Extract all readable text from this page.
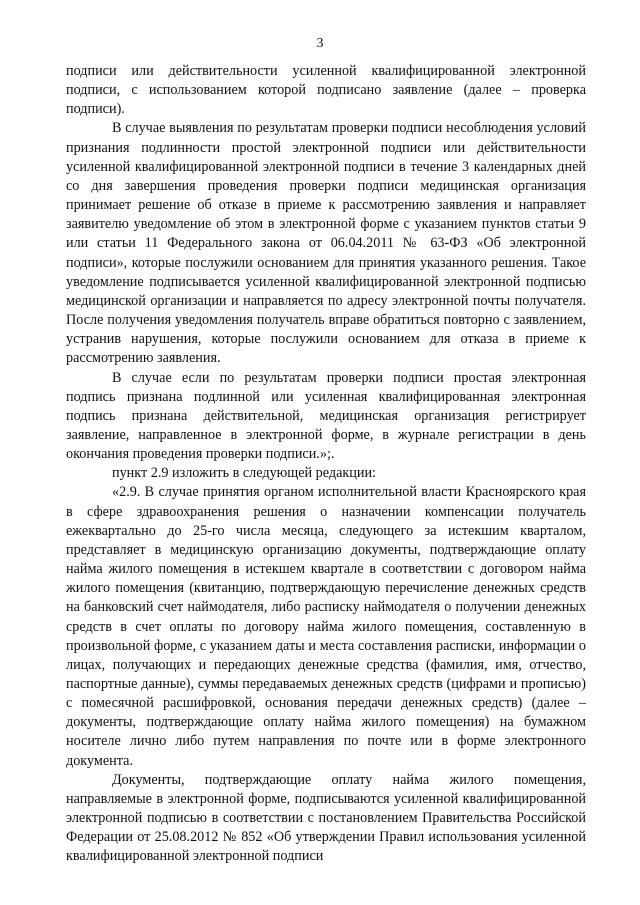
3

подписи или действительности усиленной квалифицированной электронной подписи, с использованием которой подписано заявление (далее – проверка подписи).

В случае выявления по результатам проверки подписи несоблюдения условий признания подлинности простой электронной подписи или действительности усиленной квалифицированной электронной подписи в течение 3 календарных дней со дня завершения проведения проверки подписи медицинская организация принимает решение об отказе в приеме к рассмотрению заявления и направляет заявителю уведомление об этом в электронной форме с указанием пунктов статьи 9 или статьи 11 Федерального закона от 06.04.2011 № 63-ФЗ «Об электронной подписи», которые послужили основанием для принятия указанного решения. Такое уведомление подписывается усиленной квалифицированной электронной подписью медицинской организации и направляется по адресу электронной почты получателя. После получения уведомления получатель вправе обратиться повторно с заявлением, устранив нарушения, которые послужили основанием для отказа в приеме к рассмотрению заявления.

В случае если по результатам проверки подписи простая электронная подпись признана подлинной или усиленная квалифицированная электронная подпись признана действительной, медицинская организация регистрирует заявление, направленное в электронной форме, в журнале регистрации в день окончания проведения проверки подписи.»;.

пункт 2.9 изложить в следующей редакции:

«2.9. В случае принятия органом исполнительной власти Красноярского края в сфере здравоохранения решения о назначении компенсации получатель ежеквартально до 25-го числа месяца, следующего за истекшим кварталом, представляет в медицинскую организацию документы, подтверждающие оплату найма жилого помещения в истекшем квартале в соответствии с договором найма жилого помещения (квитанцию, подтверждающую перечисление денежных средств на банковский счет наймодателя, либо расписку наймодателя о получении денежных средств в счет оплаты по договору найма жилого помещения, составленную в произвольной форме, с указанием даты и места составления расписки, информации о лицах, получающих и передающих денежные средства (фамилия, имя, отчество, паспортные данные), суммы передаваемых денежных средств (цифрами и прописью) с помесячной расшифровкой, основания передачи денежных средств) (далее – документы, подтверждающие оплату найма жилого помещения) на бумажном носителе лично либо путем направления по почте или в форме электронного документа.

Документы, подтверждающие оплату найма жилого помещения, направляемые в электронной форме, подписываются усиленной квалифицированной электронной подписью в соответствии с постановлением Правительства Российской Федерации от 25.08.2012 № 852 «Об утверждении Правил использования усиленной квалифицированной электронной подписи
